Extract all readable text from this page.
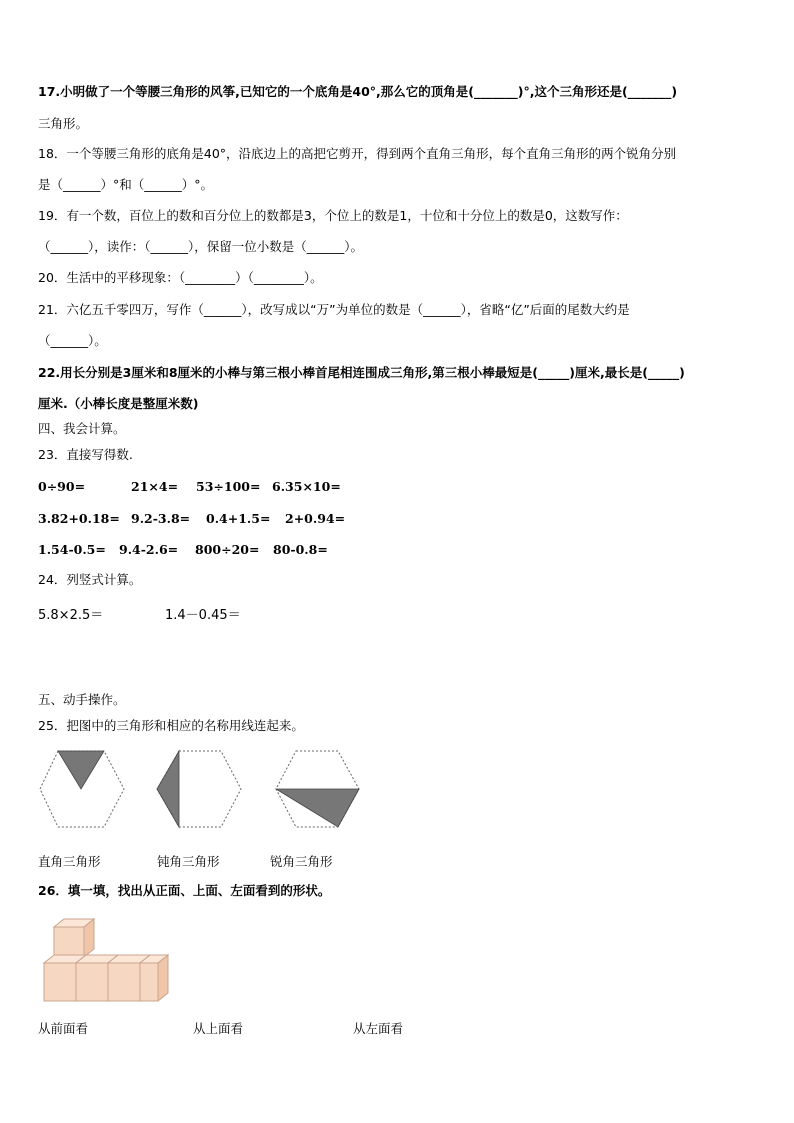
17.小明做了一个等腰三角形的风筝,已知它的一个底角是40°,那么它的顶角是(_______)°,这个三角形还是(_______)
三角形。
18．一个等腰三角形的底角是40°，沿底边上的高把它剪开，得到两个直角三角形，每个直角三角形的两个锐角分别
是（______）°和（______）°。
19．有一个数，百位上的数和百分位上的数都是3，个位上的数是1，十位和十分位上的数是0，这数写作：
（______），读作：（______），保留一位小数是（______）。
20．生活中的平移现象：（________）（________）。
21．六亿五千零四万，写作（______），改写成以“万”为单位的数是（______），省略“亿”后面的尾数大约是
（______）。
22.用长分别是3厘米和8厘米的小棒与第三根小棒首尾相连围成三角形,第三根小棒最短是(_____)厘米,最长是(_____)
厘米.（小棒长度是整厘米数)
四、我会计算。
23．直接写得数.
0÷90=	21×4= 53÷100= 6.35×10=
3.82+0.18= 9.2-3.8= 0.4+1.5= 2+0.94=
1.54-0.5= 9.4-2.6= 800÷20= 80-0.8=
24．列竖式计算。
5.8×2.5＝	1.4－0.45＝
五、动手操作。
25．把图中的三角形和相应的名称用线连起来。
直角三角形	钝角三角形	锐角三角形
26．填一填，找出从正面、上面、左面看到的形状。
从前面看	从上面看	从左面看
